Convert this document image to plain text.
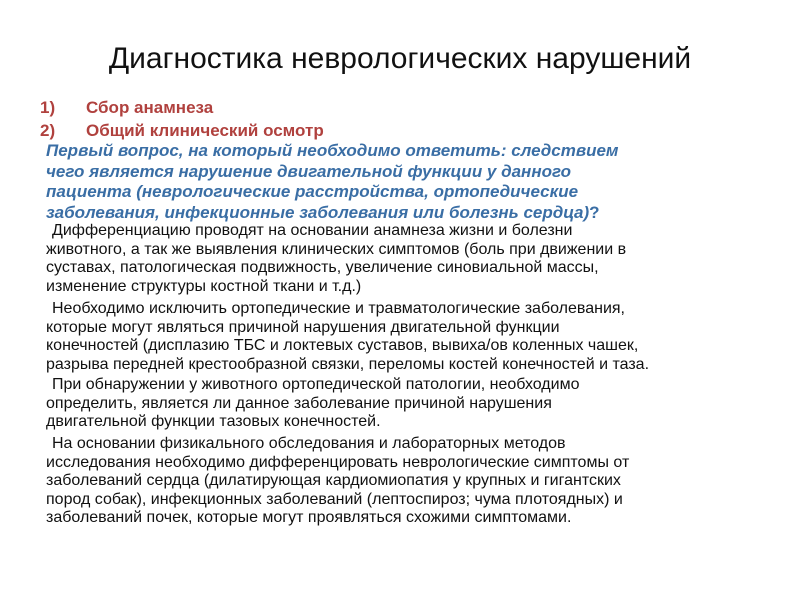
Диагностика неврологических нарушений
1) Сбор анамнеза
2) Общий клинический осмотр
Первый вопрос, на который необходимо ответить: следствием
чего является нарушение двигательной функции у данного
пациента (неврологические расстройства, ортопедические
заболевания, инфекционные заболевания или болезнь сердца)?
Дифференциацию проводят на основании анамнеза жизни и болезни
животного, а так же выявления клинических симптомов (боль при движении в
суставах, патологическая подвижность, увеличение синовиальной массы,
изменение структуры костной ткани и т.д.)
Необходимо исключить ортопедические и травматологические заболевания,
которые могут являться причиной нарушения двигательной функции
конечностей (дисплазию ТБС и локтевых суставов, вывиха/ов коленных чашек,
разрыва передней крестообразной связки, переломы костей конечностей и таза.
При обнаружении у животного ортопедической патологии, необходимо
определить, является ли данное заболевание причиной нарушения
двигательной функции тазовых конечностей.
На основании физикального обследования и лабораторных методов
исследования необходимо дифференцировать неврологические симптомы от
заболеваний сердца (дилатирующая кардиомиопатия у крупных и гигантских
пород собак), инфекционных заболеваний (лептоспироз; чума плотоядных) и
заболеваний почек, которые могут проявляться схожими симптомами.
